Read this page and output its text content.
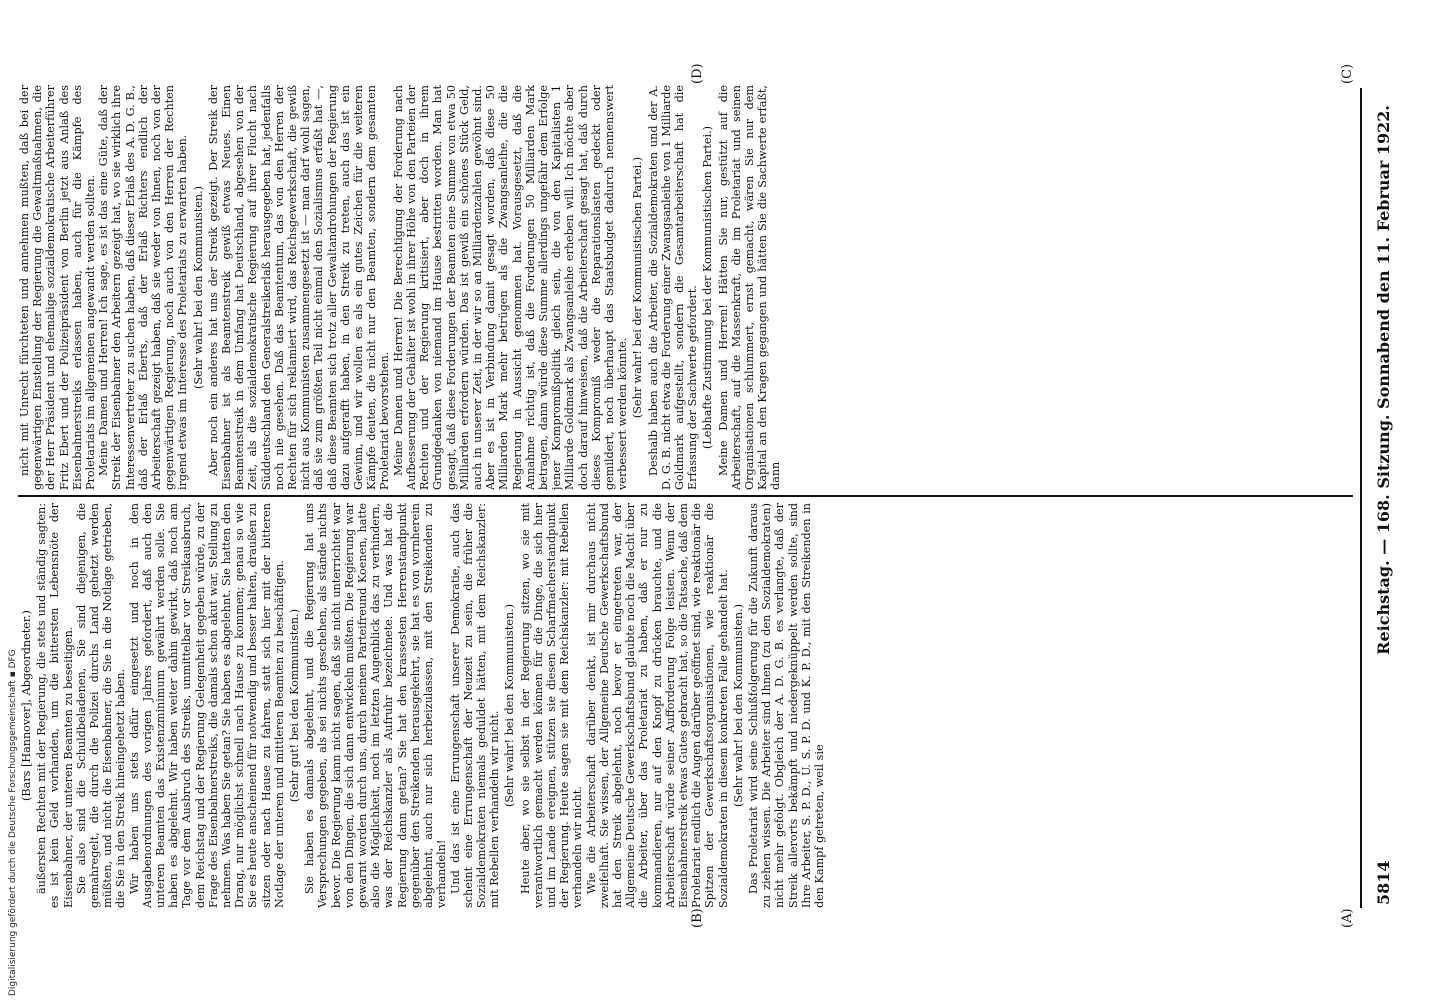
5814
Reichstag. — 168. Sitzung. Sonnabend den 11. Februar 1922.
(A)
(B)
(C)
(D)

(Bars [Hannover], Abgeordneter.) äußersten Rechten mit der Regierung, die stets und ständig sagten: es ist kein Geld vorhanden, um die bittersten Lebensnöte der Eisenbahner, der unteren Beamten zu beseitigen. Sie also sind die Schuldbeladenen, Sie sind diejenigen, die gemahregelt, die durch die Polizei durchs Land gehetzt werden müßten, und nicht die Eisenbahner, die Sie in die Notlage getrieben, die Sie in den Streik hineingehetzt haben. Wir haben uns stets dafür eingesetzt und noch in den Ausgabenordnungen des vorigen Jahres gefordert, daß auch den unteren Beamten das Existenzminimum gewährt werden solle. Sie haben es abgelehnt. Wir haben weiter dahin gewirkt, daß noch am Tage vor dem Ausbruch des Streiks, unmittelbar vor Streikausbruch, dem Reichstag und der Regierung Gelegenheit gegeben würde, zu der Frage des Eisenbahnerstreiks, die damals schon akut war, Stellung zu nehmen. Was haben Sie getan? Sie haben es abgelehnt. Sie hatten den Drang, nur möglichst schnell nach Hause zu kommen; genau so wie Sie es heute anscheinend für notwendig und besser halten, draußen zu sitzen oder nach Hause zu fahren, statt sich hier mit der bitteren Notlage der unteren und mittleren Beamten zu beschäftigen. (Sehr gut! bei den Kommunisten.) Sie haben es damals abgelehnt, und die Regierung hat uns Versprechungen gegeben, als sei nichts geschehen, als stände nichts bevor. Die Regierung kann nicht sagen, daß sie nicht unterrichtet war von den Dingen, die sich dann entwickeln mußten. Die Regierung war gewarnt worden durch uns, durch meinen Parteifreund Koenen, hatte also die Möglichkeit, noch im letzten Augenblick das zu verhindern, was der Reichskanzler als Aufruhr bezeichnete. Und was hat die Regierung dann getan? Sie hat den krassesten Herrenstandpunkt gegenüber den Streikenden herausgekehrt, sie hat es von vornherein abgelehnt, auch nur sich herbeizulassen, mit den Streikenden zu verhandeln! Und das ist eine Errungenschaft unserer Demokratie, auch das scheint eine Errungenschaft der Neuzeit zu sein, die früher die Sozialdemokraten niemals geduldet hätten, mit dem Reichskanzler: mit Rebellen verhandeln wir nicht.

(Sehr wahr! bei den Kommunisten.) Heute aber, wo sie selbst in der Regierung sitzen, wo sie mit verantwortlich gemacht werden können für die Dinge, die sich hier und im Lande ereignen, stützen sie diesen Scharfmacherstandpunkt der Regierung. Heute sagen sie mit dem Reichskanzler: mit Rebellen verhandeln wir nicht. Wie die Arbeiterschaft darüber denkt, ist mir durchaus nicht zweifelhaft. Sie wissen, der Allgemeine Deutsche Gewerkschaftsbund hat den Streik abgelehnt, noch bevor er eingetreten war, der Allgemeine Deutsche Gewerkschaftsbund glaubte noch die Macht über die Arbeiter, über das Proletariat zu haben, daß er nur zu kommandieren, nur auf den Knopf zu drücken brauchte, und die Arbeiterschaft würde seiner Aufforderung Folge leisten. Wenn der Eisenbahnerstreik etwas Gutes gebracht hat, so die Tatsache, daß dem Proletariat endlich die Augen darüber geöffnet sind, wie reaktionär die Spitzen der Gewerkschaftsorganisationen, wie reaktionär die Sozialdemokraten in diesem konkreten Falle gehandelt hat. (Sehr wahr! bei den Kommunisten.) Das Proletariat wird seine Schlußfolgerung für die Zukunft daraus zu ziehen wissen. Die Arbeiter sind Ihnen (zu den Sozialdemokraten) nicht mehr gefolgt. Obgleich der A. D. G. B. es verlangte, daß der Streik allerorts bekämpft und niedergeknüppelt werden sollte, sind Ihre Arbeiter, S. P. D., U. S. P. D. und K. P. D., mit den Streikenden in den Kampf getreten, weil sie

nicht mit Unrecht fürchteten und annehmen mußten, daß bei der gegenwärtigen Einstellung der Regierung die Gewaltmaßnahmen, die der Herr Präsident und ehemalige sozialdemokratische Arbeiterführer Fritz Ebert und der Polizeipräsident von Berlin jetzt aus Anlaß des Eisenbahnerstreiks erlassen haben, auch für die Kämpfe des Proletariats im allgemeinen angewandt werden sollten. Meine Damen und Herren! Ich sage, es ist das eine Güte, daß der Streik der Eisenbahner den Arbeitern gezeigt hat, wo sie wirklich ihre Interessenvertreter zu suchen haben, daß dieser Erlaß des A. D. G. B., daß der Erlaß Eberts, daß der Erlaß Richters endlich der Arbeiterschaft gezeigt haben, daß sie weder von Ihnen, noch von der gegenwärtigen Regierung, noch auch von den Herren der Rechten irgend etwas im Interesse des Proletariats zu erwarten haben. (Sehr wahr! bei den Kommunisten.) Aber noch ein anderes hat uns der Streik gezeigt. Der Streik der Eisenbahner ist als Beamtenstreik gewiß etwas Neues. Einen Beamtenstreik in dem Umfang hat Deutschland, abgesehen von der Zeit, als die sozialdemokratische Regierung auf ihrer Flucht nach Süddeutschland den Generalstreikerlaß herausgegeben hat, jedenfalls noch nie gesehen. Daß das Beamtentum, das von den Herren der Rechten für sich reklamiert wird, das Reichsgewerkschaft, die gewiß nicht aus Kommunisten zusammengesetzt ist — man darf wohl sagen, daß sie zum größten Teil nicht einmal den Sozialismus erfaßt hat —, daß diese Beamten sich trotz aller Gewaltandrohungen der Regierung dazu aufgerafft haben, in den Streik zu treten, auch das ist ein Gewinn, und wir wollen es als ein gutes Zeichen für die weiteren Kämpfe deuten, die nicht nur den Beamten, sondern dem gesamten Proletariat bevorstehen. Meine Damen und Herren! Die Berechtigung der Forderung nach Aufbesserung der Gehälter ist wohl in ihrer Höhe von den Parteien der Rechten und der Regierung kritisiert, aber doch in ihrem Grundgedanken von niemand im Hause bestritten worden. Man hat gesagt, daß diese Forderungen der Beamten eine Summe von etwa 50 Milliarden erfordern würden. Das ist gewiß ein schönes Stück Geld, auch in unserer Zeit, in der wir so an Milliardenzahlen gewöhnt sind. Aber es ist in Verbindung damit gesagt worden, daß diese 50 Milliarden Mark mehr betrügen als die Zwangsanleihe, die die Regierung in Aussicht genommen hat. Vorausgesetzt, daß die Annahme richtig ist, daß die Forderungen 50 Milliarden Mark betragen, dann würde diese Summe allerdings ungefähr dem Erfolge jener Kompromißpolitik gleich sein, die von den Kapitalisten 1 Milliarde Goldmark als Zwangsanleihe erheben will. Ich möchte aber doch darauf hinweisen, daß die Arbeiterschaft gesagt hat, daß durch dieses Kompromiß weder die Reparationslasten gedeckt oder gemildert, noch überhaupt das Staatsbudget dadurch nennenswert verbessert werden könnte. (Sehr wahr! bei der Kommunistischen Partei.) Deshalb haben auch die Arbeiter, die Sozialdemokraten und der A. D. G. B. nicht etwa die Forderung einer Zwangsanleihe von 1 Milliarde Goldmark aufgestellt, sondern die Gesamtarbeiterschaft hat die Erfassung der Sachwerte gefordert. (Lebhafte Zustimmung bei der Kommunistischen Partei.) Meine Damen und Herren! Hätten Sie nur, gestützt auf die Arbeiterschaft, auf die Massenkraft, die im Proletariat und seinen Organisationen schlummert, ernst gemacht, wären Sie nur dem Kapital an den Kragen gegangen und hätten Sie die Sachwerte erfaßt, dann

Digitalisierung gefördert durch die Deutsche Forschungsgemeinschaft ▪ DFG
